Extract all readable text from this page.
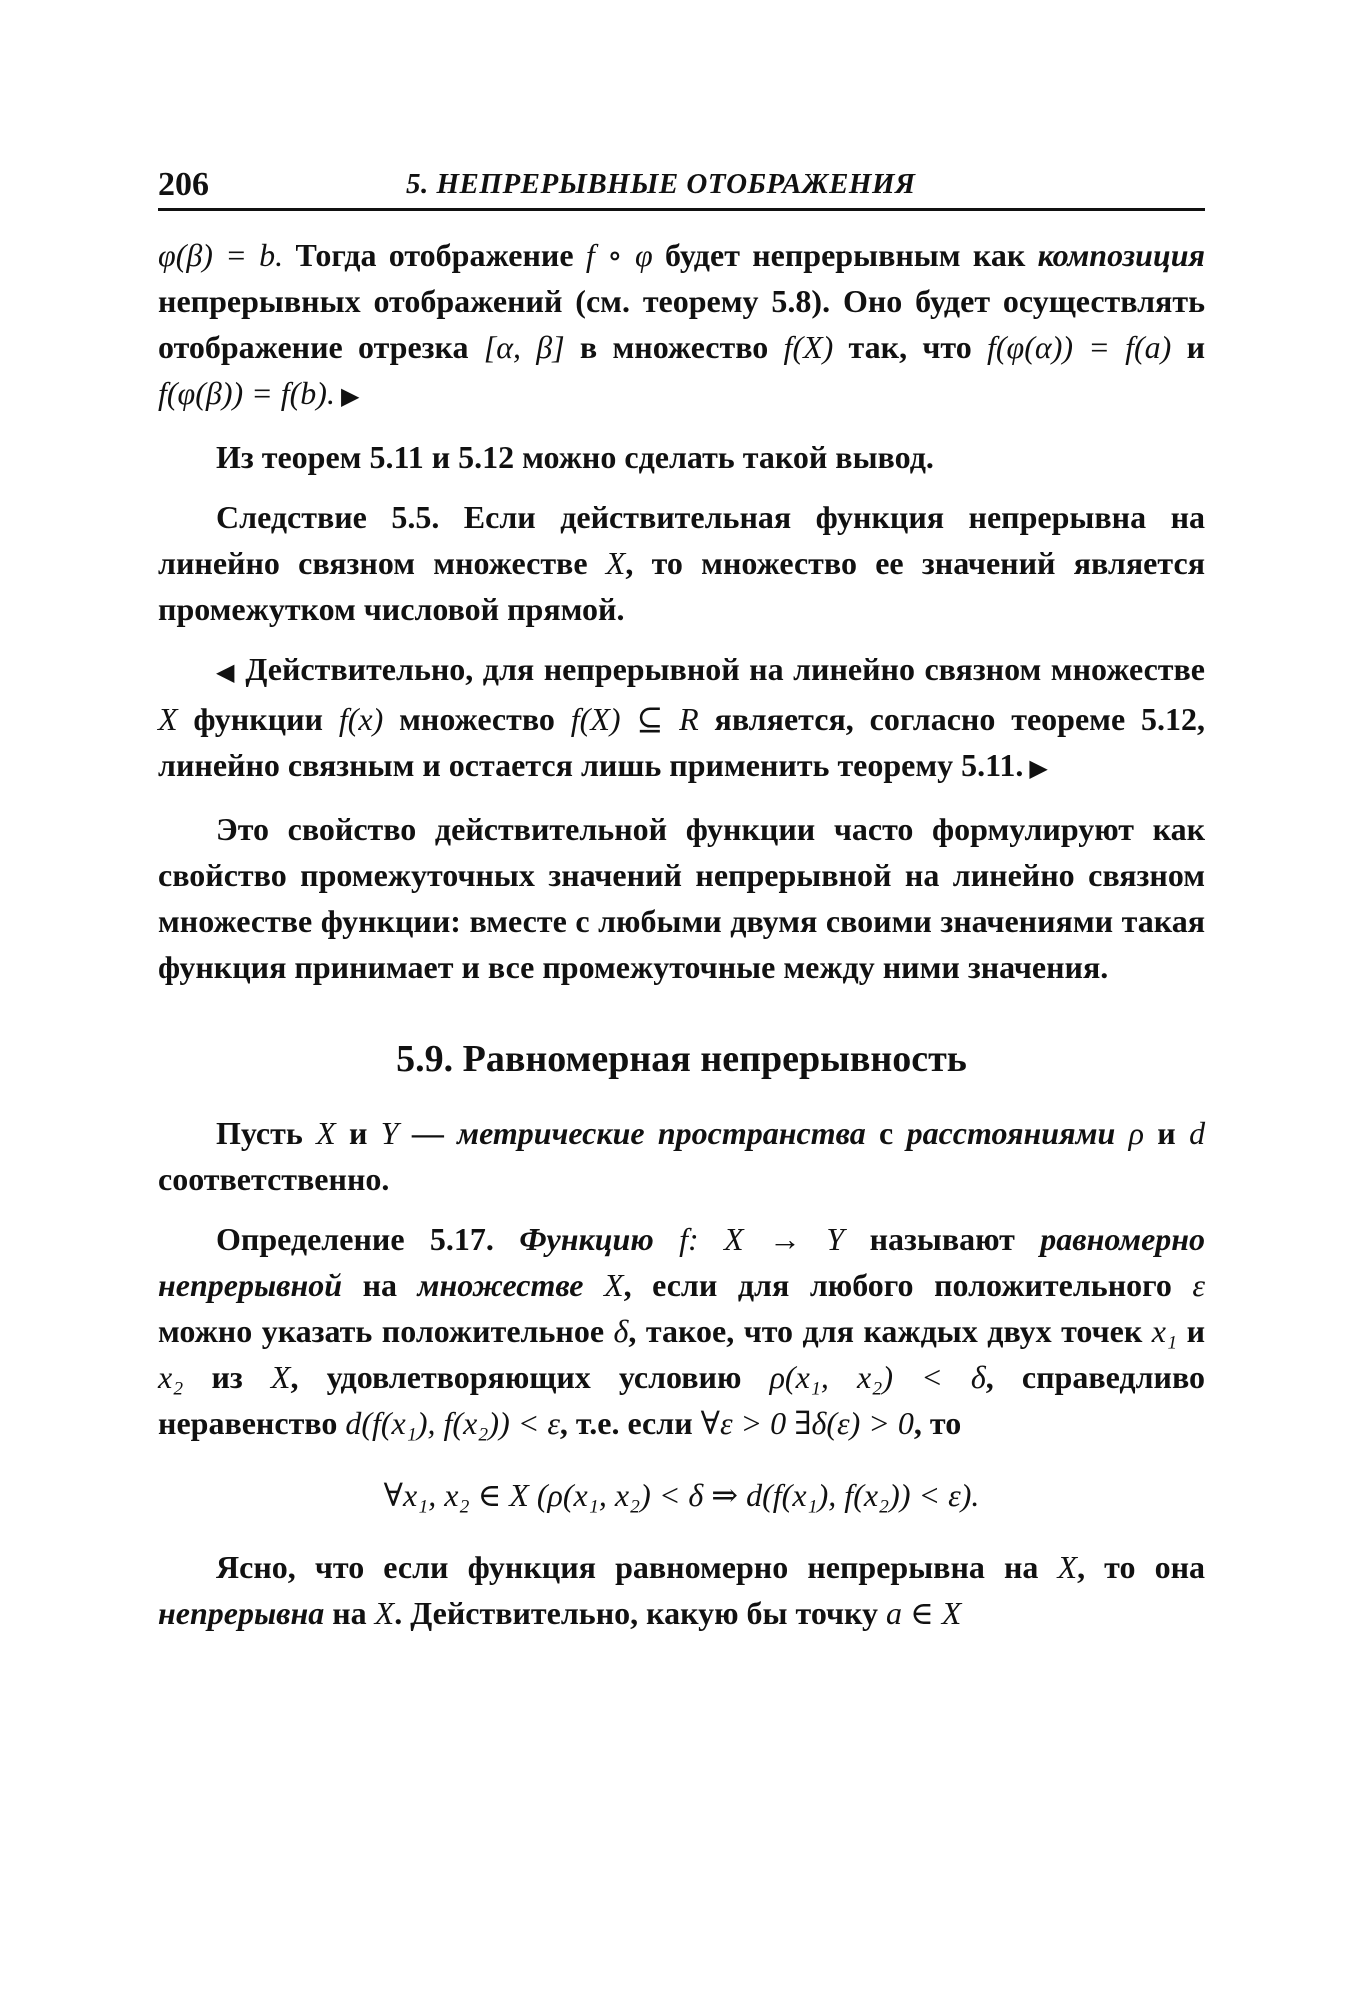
206	5. НЕПРЕРЫВНЫЕ ОТОБРАЖЕНИЯ

φ(β) = b. Тогда отображение f ∘ φ будет непрерывным как композиция непрерывных отображений (см. теорему 5.8). Оно будет осуществлять отображение отрезка [α, β] в множество f(X) так, что f(φ(α)) = f(a) и f(φ(β)) = f(b). ▶

Из теорем 5.11 и 5.12 можно сделать такой вывод.

Следствие 5.5. Если действительная функция непрерывна на линейно связном множестве X, то множество ее значений является промежутком числовой прямой.

◀ Действительно, для непрерывной на линейно связном множестве X функции f(x) множество f(X) ⊆ R является, согласно теореме 5.12, линейно связным и остается лишь применить теорему 5.11. ▶

Это свойство действительной функции часто формулируют как свойство промежуточных значений непрерывной на линейно связном множестве функции: вместе с любыми двумя своими значениями такая функция принимает и все промежуточные между ними значения.

5.9. Равномерная непрерывность

Пусть X и Y — метрические пространства с расстояниями ρ и d соответственно.

Определение 5.17. Функцию f: X → Y называют равномерно непрерывной на множестве X, если для любого положительного ε можно указать положительное δ, такое, что для каждых двух точек x₁ и x₂ из X, удовлетворяющих условию ρ(x₁, x₂) < δ, справедливо неравенство d(f(x₁), f(x₂)) < ε, т.е. если ∀ε > 0 ∃δ(ε) > 0, то

∀x₁, x₂ ∈ X (ρ(x₁, x₂) < δ ⇒ d(f(x₁), f(x₂)) < ε).

Ясно, что если функция равномерно непрерывна на X, то она непрерывна на X. Действительно, какую бы точку a ∈ X
